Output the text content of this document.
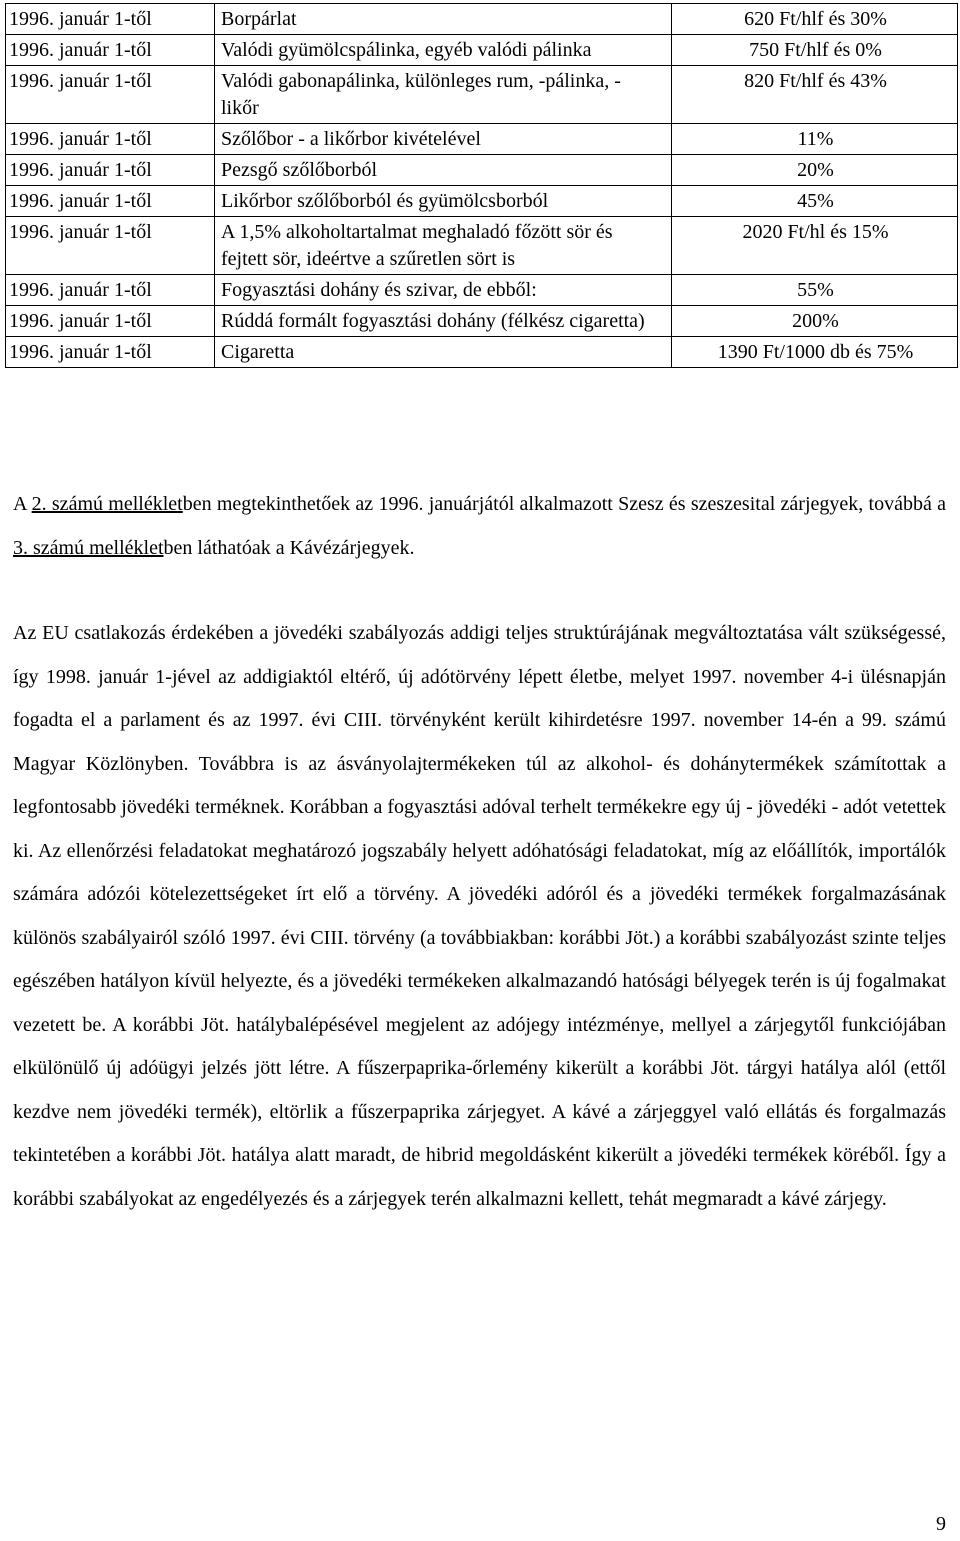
1996. január 1-től	Borpárlat	620 Ft/hlf és 30%
1996. január 1-től	Valódi gyümölcspálinka, egyéb valódi pálinka	750 Ft/hlf és 0%
1996. január 1-től	Valódi gabonapálinka, különleges rum, -pálinka, -likőr	820 Ft/hlf és 43%
1996. január 1-től	Szőlőbor - a likőrbor kivételével	11%
1996. január 1-től	Pezsgő szőlőborból	20%
1996. január 1-től	Likőrbor szőlőborból és gyümölcsborból	45%
1996. január 1-től	A 1,5% alkoholtartalmat meghaladó főzött sör és fejtett sör, ideértve a szűretlen sört is	2020 Ft/hl és 15%
1996. január 1-től	Fogyasztási dohány és szivar, de ebből:	55%
1996. január 1-től	Rúddá formált fogyasztási dohány (félkész cigaretta)	200%
1996. január 1-től	Cigaretta	1390 Ft/1000 db és 75%

A 2. számú mellékletben megtekinthetőek az 1996. januárjától alkalmazott Szesz és szeszesital zárjegyek, továbbá a 3. számú mellékletben láthatóak a Kávézárjegyek.

Az EU csatlakozás érdekében a jövedéki szabályozás addigi teljes struktúrájának megváltoztatása vált szükségessé, így 1998. január 1-jével az addigiaktól eltérő, új adótörvény lépett életbe, melyet 1997. november 4-i ülésnapján fogadta el a parlament és az 1997. évi CIII. törvényként került kihirdetésre 1997. november 14-én a 99. számú Magyar Közlönyben. Továbbra is az ásványolajtermékeken túl az alkohol- és dohánytermékek számítottak a legfontosabb jövedéki terméknek. Korábban a fogyasztási adóval terhelt termékekre egy új - jövedéki - adót vetettek ki. Az ellenőrzési feladatokat meghatározó jogszabály helyett adóhatósági feladatokat, míg az előállítók, importálók számára adózói kötelezettségeket írt elő a törvény. A jövedéki adóról és a jövedéki termékek forgalmazásának különös szabályairól szóló 1997. évi CIII. törvény (a továbbiakban: korábbi Jöt.) a korábbi szabályozást szinte teljes egészében hatályon kívül helyezte, és a jövedéki termékeken alkalmazandó hatósági bélyegek terén is új fogalmakat vezetett be. A korábbi Jöt. hatálybalépésével megjelent az adójegy intézménye, mellyel a zárjegytől funkciójában elkülönülő új adóügyi jelzés jött létre. A fűszerpaprika-őrlemény kikerült a korábbi Jöt. tárgyi hatálya alól (ettől kezdve nem jövedéki termék), eltörlik a fűszerpaprika zárjegyet. A kávé a zárjeggyel való ellátás és forgalmazás tekintetében a korábbi Jöt. hatálya alatt maradt, de hibrid megoldásként kikerült a jövedéki termékek köréből. Így a korábbi szabályokat az engedélyezés és a zárjegyek terén alkalmazni kellett, tehát megmaradt a kávé zárjegy.

9
